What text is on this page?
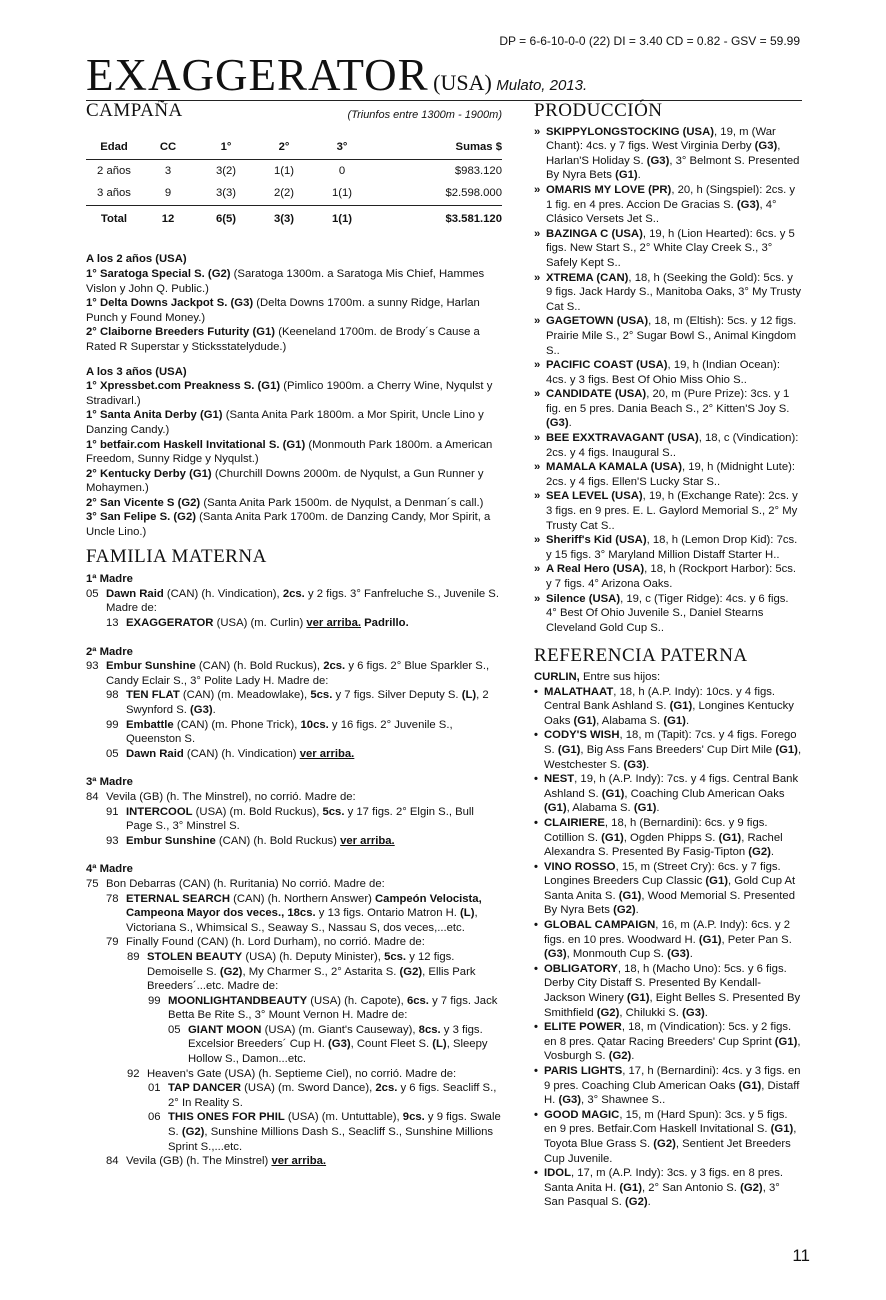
DP = 6-6-10-0-0 (22) DI = 3.40 CD = 0.82 - GSV = 59.99
EXAGGERATOR (USA) Mulato, 2013.
CAMPAÑA	(Triunfos entre 1300m - 1900m)
Edad	CC	1°	2°	3°	Sumas $
2 años	3	3(2)	1(1)	0	$983.120
3 años	9	3(3)	2(2)	1(1)	$2.598.000
Total	12	6(5)	3(3)	1(1)	$3.581.120

A los 2 años (USA)

1° Saratoga Special S. (G2) (Saratoga 1300m. a Saratoga Mis Chief, Hammes Vislon y John Q. Public.)

1° Delta Downs Jackpot S. (G3) (Delta Downs 1700m. a sunny Ridge, Harlan Punch y Found Money.)

2° Claiborne Breeders Futurity (G1) (Keeneland 1700m. de Brody´s Cause a Rated R Superstar y Sticksstatelydude.)

A los 3 años (USA)

1° Xpressbet.com Preakness S. (G1) (Pimlico 1900m. a Cherry Wine, Nyqulst y Stradivarl.)

1° Santa Anita Derby (G1) (Santa Anita Park 1800m. a Mor Spirit, Uncle Lino y Danzing Candy.)

1° betfair.com Haskell Invitational S. (G1) (Monmouth Park 1800m. a American Freedom, Sunny Ridge y Nyqulst.)

2° Kentucky Derby (G1) (Churchill Downs 2000m. de Nyqulst, a Gun Runner y Mohaymen.)

2° San Vicente S (G2) (Santa Anita Park 1500m. de Nyqulst, a Denman´s call.)

3° San Felipe S. (G2) (Santa Anita Park 1700m. de Danzing Candy, Mor Spirit, a Uncle Lino.)

FAMILIA MATERNA
1ª Madre
05 Dawn Raid (CAN) (h. Vindication), 2cs. y 2 figs. 3° Fanfreluche S., Juvenile S. Madre de:
13 EXAGGERATOR (USA) (m. Curlin) ver arriba. Padrillo.
2ª Madre
93 Embur Sunshine (CAN) (h. Bold Ruckus), 2cs. y 6 figs. 2° Blue Sparkler S., Candy Eclair S., 3° Polite Lady H. Madre de:
98 TEN FLAT (CAN) (m. Meadowlake), 5cs. y 7 figs. Silver Deputy S. (L), 2 Swynford S. (G3).
99 Embattle (CAN) (m. Phone Trick), 10cs. y 16 figs. 2° Juvenile S., Queenston S.
05 Dawn Raid (CAN) (h. Vindication) ver arriba.
3ª Madre
84 Vevila (GB) (h. The Minstrel), no corrió. Madre de:
91 INTERCOOL (USA) (m. Bold Ruckus), 5cs. y 17 figs. 2° Elgin S., Bull Page S., 3° Minstrel S.
93 Embur Sunshine (CAN) (h. Bold Ruckus) ver arriba.
4ª Madre
75 Bon Debarras (CAN) (h. Ruritania) No corrió. Madre de:
78 ETERNAL SEARCH (CAN) (h. Northern Answer) Campeón Velocista, Campeona Mayor dos veces., 18cs. y 13 figs. Ontario Matron H. (L), Victoriana S., Whimsical S., Seaway S., Nassau S, dos veces,...etc.
79 Finally Found (CAN) (h. Lord Durham), no corrió. Madre de:
89 STOLEN BEAUTY (USA) (h. Deputy Minister), 5cs. y 12 figs. Demoiselle S. (G2), My Charmer S., 2° Astarita S. (G2), Ellis Park Breeders´...etc. Madre de:
99 MOONLIGHTANDBEAUTY (USA) (h. Capote), 6cs. y 7 figs. Jack Betta Be Rite S., 3° Mount Vernon H. Madre de:
05 GIANT MOON (USA) (m. Giant's Causeway), 8cs. y 3 figs. Excelsior Breeders´ Cup H. (G3), Count Fleet S. (L), Sleepy Hollow S., Damon...etc.
92 Heaven's Gate (USA) (h. Septieme Ciel), no corrió. Madre de:
01 TAP DANCER (USA) (m. Sword Dance), 2cs. y 6 figs. Seacliff S., 2° In Reality S.
06 THIS ONES FOR PHIL (USA) (m. Untuttable), 9cs. y 9 figs. Swale S. (G2), Sunshine Millions Dash S., Seacliff S., Sunshine Millions Sprint S.,...etc.
84 Vevila (GB) (h. The Minstrel) ver arriba.
PRODUCCIÓN
» SKIPPYLONGSTOCKING (USA), 19, m (War Chant): 4cs. y 7 figs. West Virginia Derby (G3), Harlan'S Holiday S. (G3), 3° Belmont S. Presented By Nyra Bets (G1).
» OMARIS MY LOVE (PR), 20, h (Singspiel): 2cs. y 1 fig. en 4 pres. Accion De Gracias S. (G3), 4° Clásico Versets Jet S..
» BAZINGA C (USA), 19, h (Lion Hearted): 6cs. y 5 figs. New Start S., 2° White Clay Creek S., 3° Safely Kept S..
» XTREMA (CAN), 18, h (Seeking the Gold): 5cs. y 9 figs. Jack Hardy S., Manitoba Oaks, 3° My Trusty Cat S..
» GAGETOWN (USA), 18, m (Eltish): 5cs. y 12 figs. Prairie Mile S., 2° Sugar Bowl S., Animal Kingdom S..
» PACIFIC COAST (USA), 19, h (Indian Ocean): 4cs. y 3 figs. Best Of Ohio Miss Ohio S..
» CANDIDATE (USA), 20, m (Pure Prize): 3cs. y 1 fig. en 5 pres. Dania Beach S., 2° Kitten'S Joy S. (G3).
» BEE EXXTRAVAGANT (USA), 18, c (Vindication): 2cs. y 4 figs. Inaugural S..
» MAMALA KAMALA (USA), 19, h (Midnight Lute): 2cs. y 4 figs. Ellen'S Lucky Star S..
» SEA LEVEL (USA), 19, h (Exchange Rate): 2cs. y 3 figs. en 9 pres. E. L. Gaylord Memorial S., 2° My Trusty Cat S..
» Sheriff's Kid (USA), 18, h (Lemon Drop Kid): 7cs. y 15 figs. 3° Maryland Million Distaff Starter H..
» A Real Hero (USA), 18, h (Rockport Harbor): 5cs. y 7 figs. 4° Arizona Oaks.
» Silence (USA), 19, c (Tiger Ridge): 4cs. y 6 figs. 4° Best Of Ohio Juvenile S., Daniel Stearns Cleveland Gold Cup S..
REFERENCIA PATERNA
CURLIN, Entre sus hijos:
• MALATHAAT, 18, h (A.P. Indy): 10cs. y 4 figs. Central Bank Ashland S. (G1), Longines Kentucky Oaks (G1), Alabama S. (G1).
• CODY'S WISH, 18, m (Tapit): 7cs. y 4 figs. Forego S. (G1), Big Ass Fans Breeders' Cup Dirt Mile (G1), Westchester S. (G3).
• NEST, 19, h (A.P. Indy): 7cs. y 4 figs. Central Bank Ashland S. (G1), Coaching Club American Oaks (G1), Alabama S. (G1).
• CLAIRIERE, 18, h (Bernardini): 6cs. y 9 figs. Cotillion S. (G1), Ogden Phipps S. (G1), Rachel Alexandra S. Presented By Fasig-Tipton (G2).
• VINO ROSSO, 15, m (Street Cry): 6cs. y 7 figs. Longines Breeders Cup Classic (G1), Gold Cup At Santa Anita S. (G1), Wood Memorial S. Presented By Nyra Bets (G2).
• GLOBAL CAMPAIGN, 16, m (A.P. Indy): 6cs. y 2 figs. en 10 pres. Woodward H. (G1), Peter Pan S. (G3), Monmouth Cup S. (G3).
• OBLIGATORY, 18, h (Macho Uno): 5cs. y 6 figs. Derby City Distaff S. Presented By Kendall-Jackson Winery (G1), Eight Belles S. Presented By Smithfield (G2), Chilukki S. (G3).
• ELITE POWER, 18, m (Vindication): 5cs. y 2 figs. en 8 pres. Qatar Racing Breeders' Cup Sprint (G1), Vosburgh S. (G2).
• PARIS LIGHTS, 17, h (Bernardini): 4cs. y 3 figs. en 9 pres. Coaching Club American Oaks (G1), Distaff H. (G3), 3° Shawnee S..
• GOOD MAGIC, 15, m (Hard Spun): 3cs. y 5 figs. en 9 pres. Betfair.Com Haskell Invitational S. (G1), Toyota Blue Grass S. (G2), Sentient Jet Breeders Cup Juvenile.
• IDOL, 17, m (A.P. Indy): 3cs. y 3 figs. en 8 pres. Santa Anita H. (G1), 2° San Antonio S. (G2), 3° San Pasqual S. (G2).
11
